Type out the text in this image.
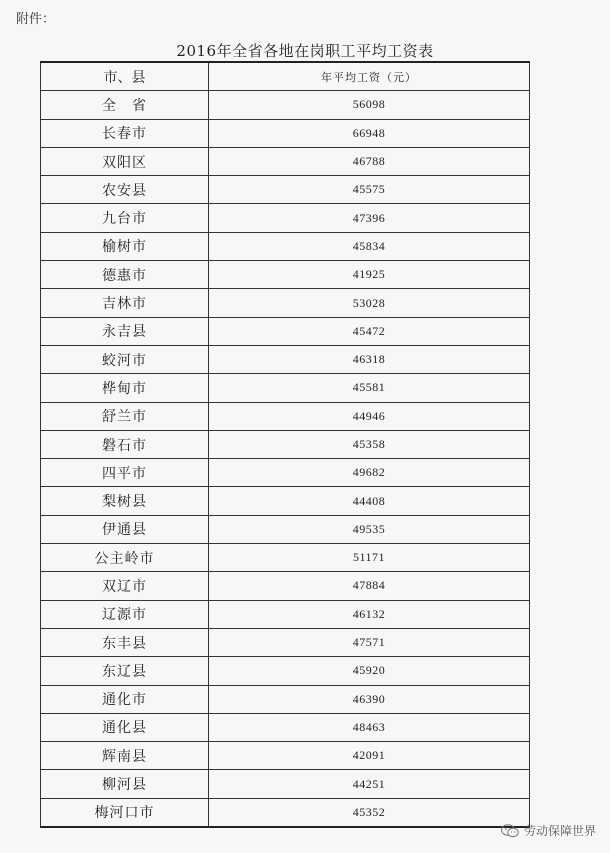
附件：
2016年全省各地在岗职工平均工资表
市、县	年平均工资（元）
全　省	56098
长春市	66948
双阳区	46788
农安县	45575
九台市	47396
榆树市	45834
德惠市	41925
吉林市	53028
永吉县	45472
蛟河市	46318
桦甸市	45581
舒兰市	44946
磐石市	45358
四平市	49682
梨树县	44408
伊通县	49535
公主岭市	51171
双辽市	47884
辽源市	46132
东丰县	47571
东辽县	45920
通化市	46390
通化县	48463
辉南县	42091
柳河县	44251
梅河口市	45352
劳动保障世界
